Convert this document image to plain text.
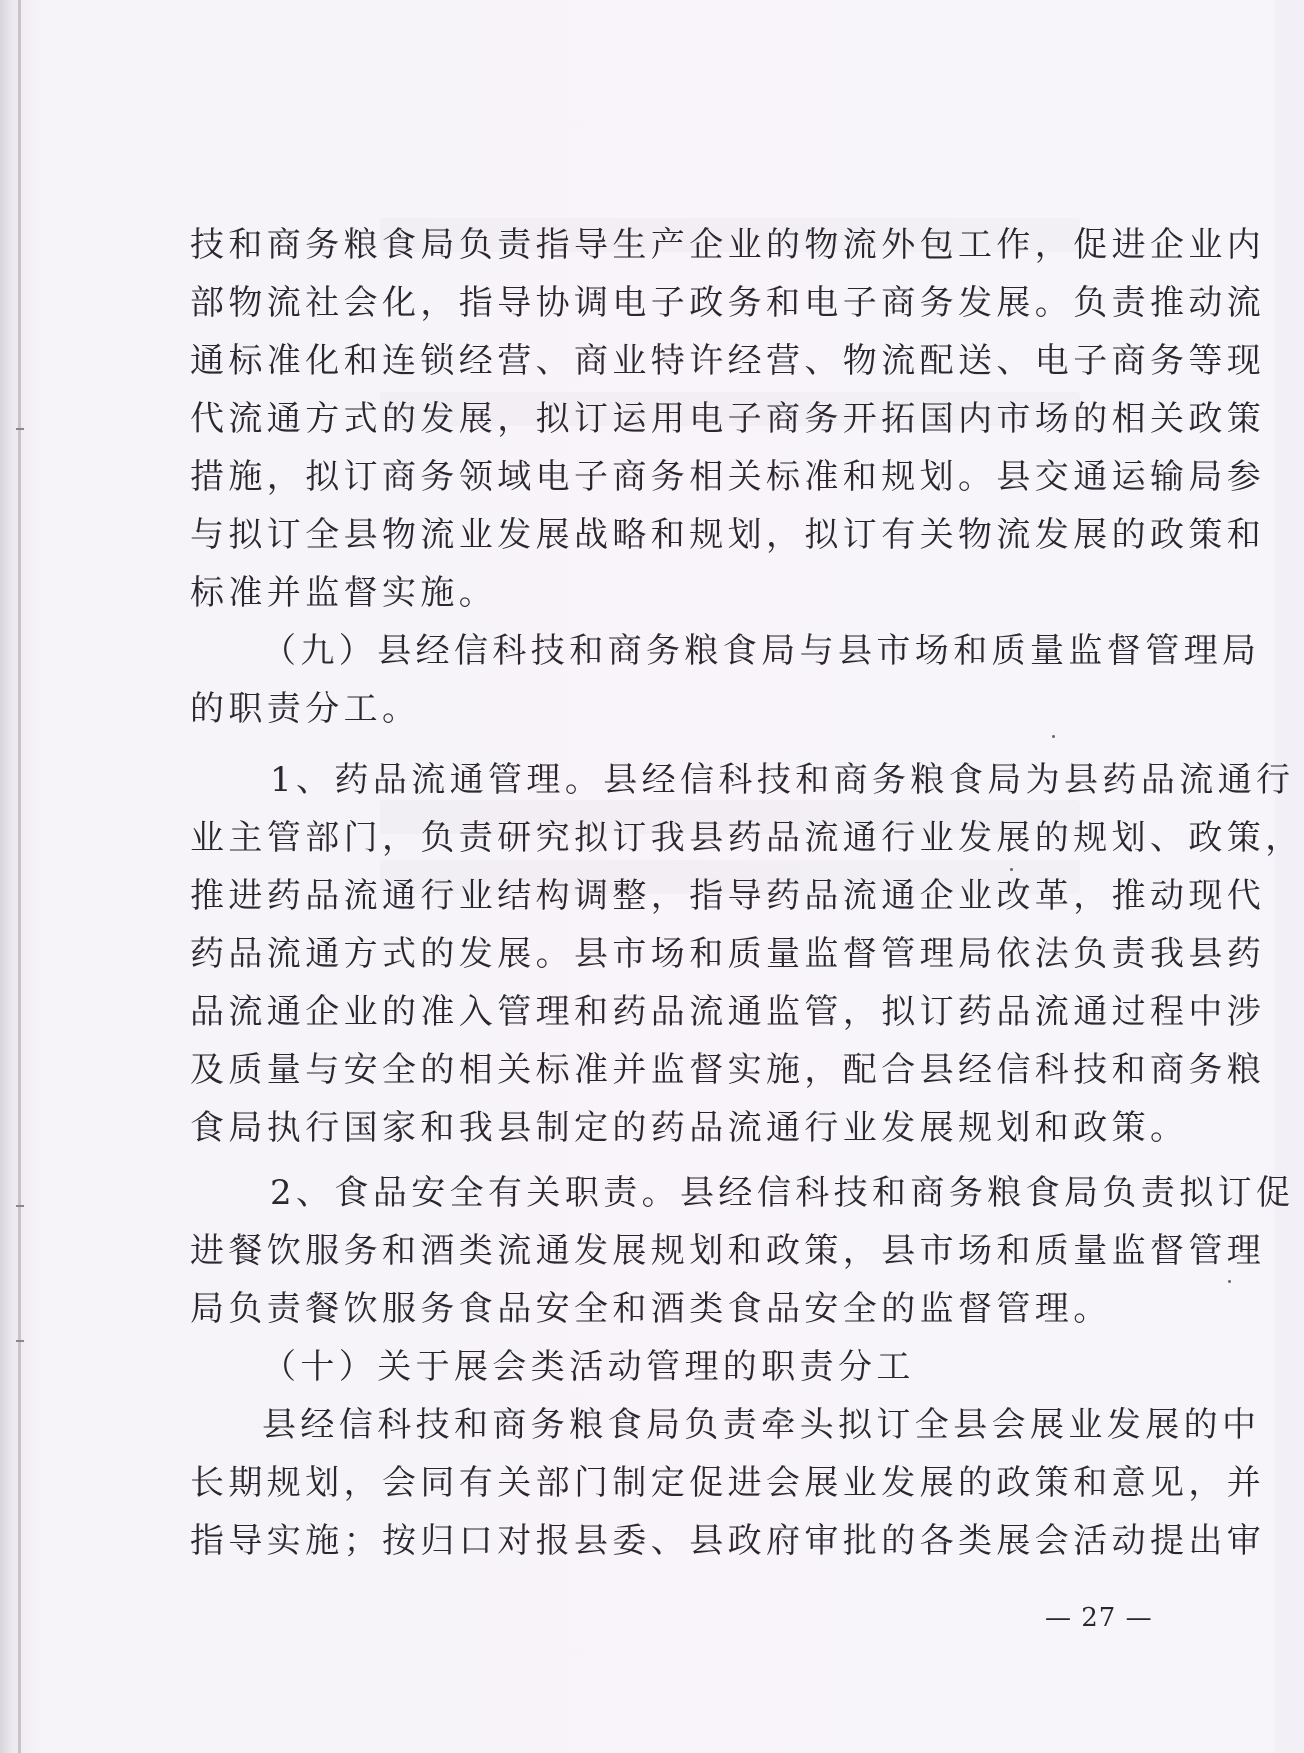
技和商务粮食局负责指导生产企业的物流外包工作，促进企业内
部物流社会化，指导协调电子政务和电子商务发展。负责推动流
通标准化和连锁经营、商业特许经营、物流配送、电子商务等现
代流通方式的发展，拟订运用电子商务开拓国内市场的相关政策
措施，拟订商务领域电子商务相关标准和规划。县交通运输局参
与拟订全县物流业发展战略和规划，拟订有关物流发展的政策和
标准并监督实施。
（九）县经信科技和商务粮食局与县市场和质量监督管理局
的职责分工。
1、药品流通管理。县经信科技和商务粮食局为县药品流通行
业主管部门，负责研究拟订我县药品流通行业发展的规划、政策，
推进药品流通行业结构调整，指导药品流通企业改革，推动现代
药品流通方式的发展。县市场和质量监督管理局依法负责我县药
品流通企业的准入管理和药品流通监管，拟订药品流通过程中涉
及质量与安全的相关标准并监督实施，配合县经信科技和商务粮
食局执行国家和我县制定的药品流通行业发展规划和政策。
2、食品安全有关职责。县经信科技和商务粮食局负责拟订促
进餐饮服务和酒类流通发展规划和政策，县市场和质量监督管理
局负责餐饮服务食品安全和酒类食品安全的监督管理。
（十）关于展会类活动管理的职责分工
县经信科技和商务粮食局负责牵头拟订全县会展业发展的中
长期规划，会同有关部门制定促进会展业发展的政策和意见，并
指导实施；按归口对报县委、县政府审批的各类展会活动提出审
— 27 —
